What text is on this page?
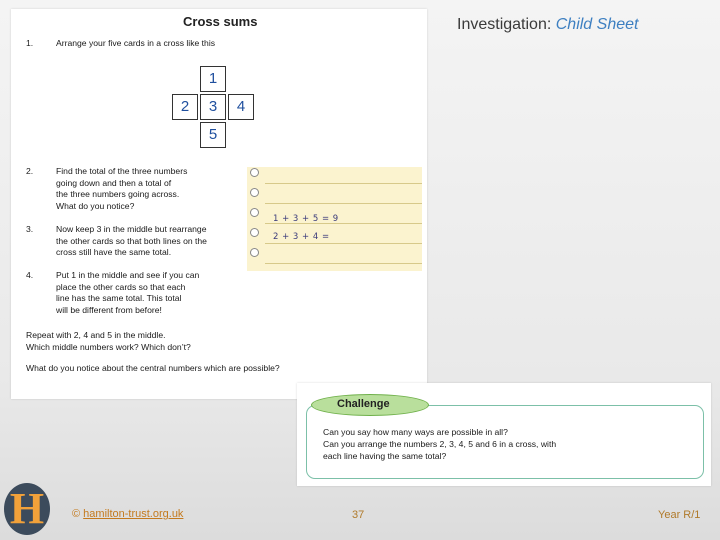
Investigation: Child Sheet
Cross sums
1.	Arrange your five cards in a cross like this
1
2	3	4
5
2.	Find the total of the three numbers
going down and then a total of
the three numbers going across.
What do you notice?
3.	Now keep 3 in the middle but rearrange
the other cards so that both lines on the
cross still have the same total.
4.	Put 1 in the middle and see if you can
place the other cards so that each
line has the same total. This total
will be different from before!
Repeat with 2, 4 and 5 in the middle.
Which middle numbers work? Which don’t?
What do you notice about the central numbers which are possible?
1 + 3 + 5 = 9
2 + 3 + 4 =
Challenge
Can you say how many ways are possible in all?
Can you arrange the numbers 2, 3, 4, 5 and 6 in a cross, with
each line having the same total?
H	© hamilton-trust.org.uk	37	Year R/1
